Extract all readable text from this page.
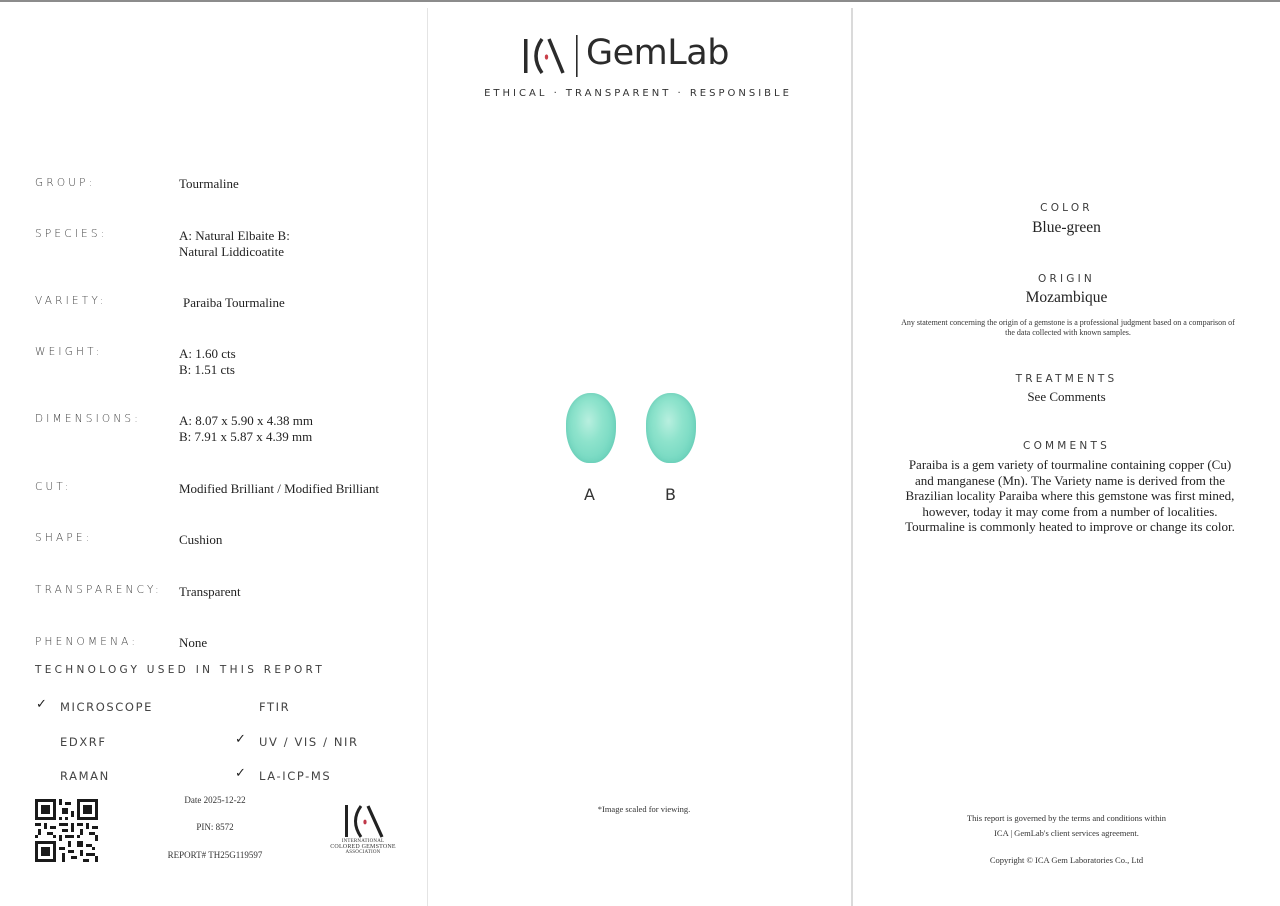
GROUP:	Tourmaline
SPECIES:	A: Natural Elbaite B:
Natural Liddicoatite
VARIETY:	Paraiba Tourmaline
WEIGHT:	A: 1.60 cts
B: 1.51 cts
DIMENSIONS:	A: 8.07 x 5.90 x 4.38 mm
B: 7.91 x 5.87 x 4.39 mm
CUT:	Modified Brilliant / Modified Brilliant
SHAPE:	Cushion
TRANSPARENCY: Transparent
PHENOMENA:	None
TECHNOLOGY USED IN THIS REPORT
✓ MICROSCOPE	FTIR
EDXRF	✓ UV / VIS / NIR
RAMAN	✓ LA-ICP-MS
Date 2025-12-22
PIN: 8572
REPORT# TH25G119597
INTERNATIONAL
COLORED GEMSTONE
ASSOCIATION
GemLab
ETHICAL · TRANSPARENT · RESPONSIBLE
A	B
*Image scaled for viewing.
COLOR
Blue-green
ORIGIN
Mozambique
Any statement concerning the origin of a gemstone is a professional judgment based on a comparison of the data collected with known samples.
TREATMENTS
See Comments
COMMENTS
Paraiba is a gem variety of tourmaline containing copper (Cu) and manganese (Mn). The Variety name is derived from the Brazilian locality Paraiba where this gemstone was first mined, however, today it may come from a number of localities. Tourmaline is commonly heated to improve or change its color.
This report is governed by the terms and conditions within
ICA | GemLab's client services agreement.
Copyright © ICA Gem Laboratories Co., Ltd
